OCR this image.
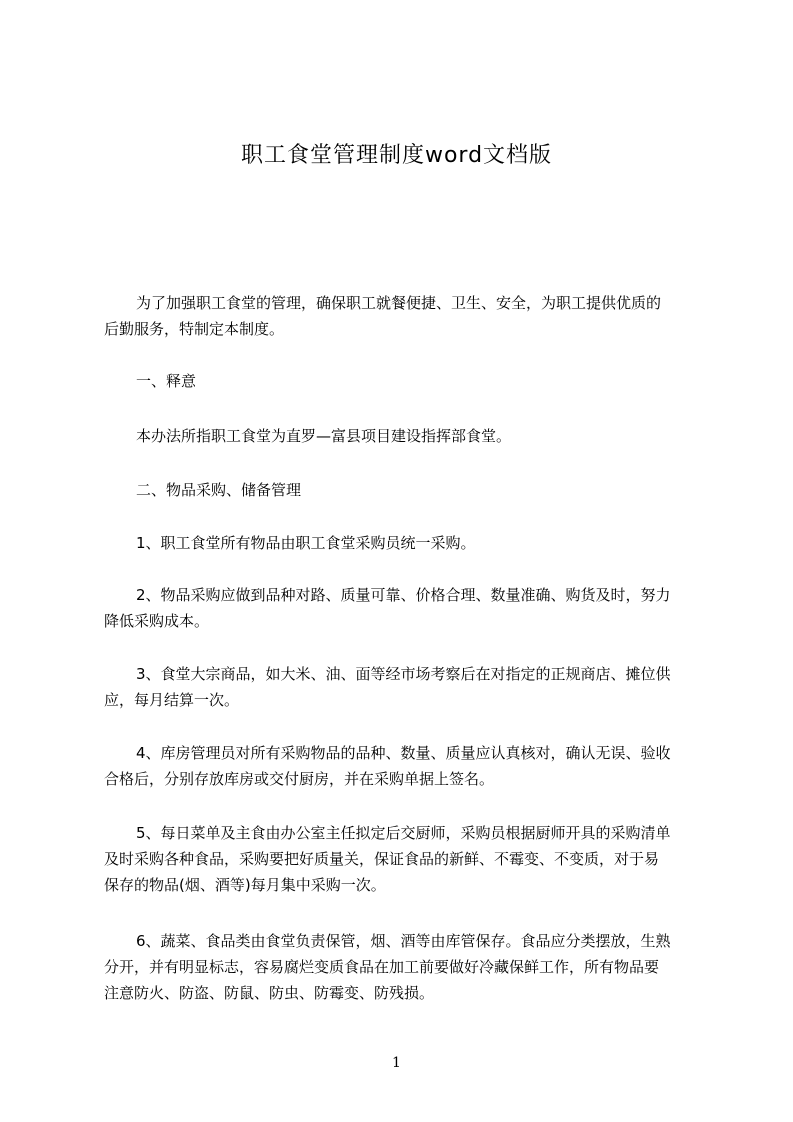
职工食堂管理制度word文档版
为了加强职工食堂的管理，确保职工就餐便捷、卫生、安全，为职工提供优质的
后勤服务，特制定本制度。
一、释意
本办法所指职工食堂为直罗—富县项目建设指挥部食堂。
二、物品采购、储备管理
1、职工食堂所有物品由职工食堂采购员统一采购。
2、物品采购应做到品种对路、质量可靠、价格合理、数量准确、购货及时，努力
降低采购成本。
3、食堂大宗商品，如大米、油、面等经市场考察后在对指定的正规商店、摊位供
应，每月结算一次。
4、库房管理员对所有采购物品的品种、数量、质量应认真核对，确认无误、验收
合格后，分别存放库房或交付厨房，并在采购单据上签名。
5、每日菜单及主食由办公室主任拟定后交厨师，采购员根据厨师开具的采购清单
及时采购各种食品，采购要把好质量关，保证食品的新鲜、不霉变、不变质，对于易
保存的物品(烟、酒等)每月集中采购一次。
6、蔬菜、食品类由食堂负责保管，烟、酒等由库管保存。食品应分类摆放，生熟
分开，并有明显标志，容易腐烂变质食品在加工前要做好冷藏保鲜工作，所有物品要
注意防火、防盗、防鼠、防虫、防霉变、防残损。
1
